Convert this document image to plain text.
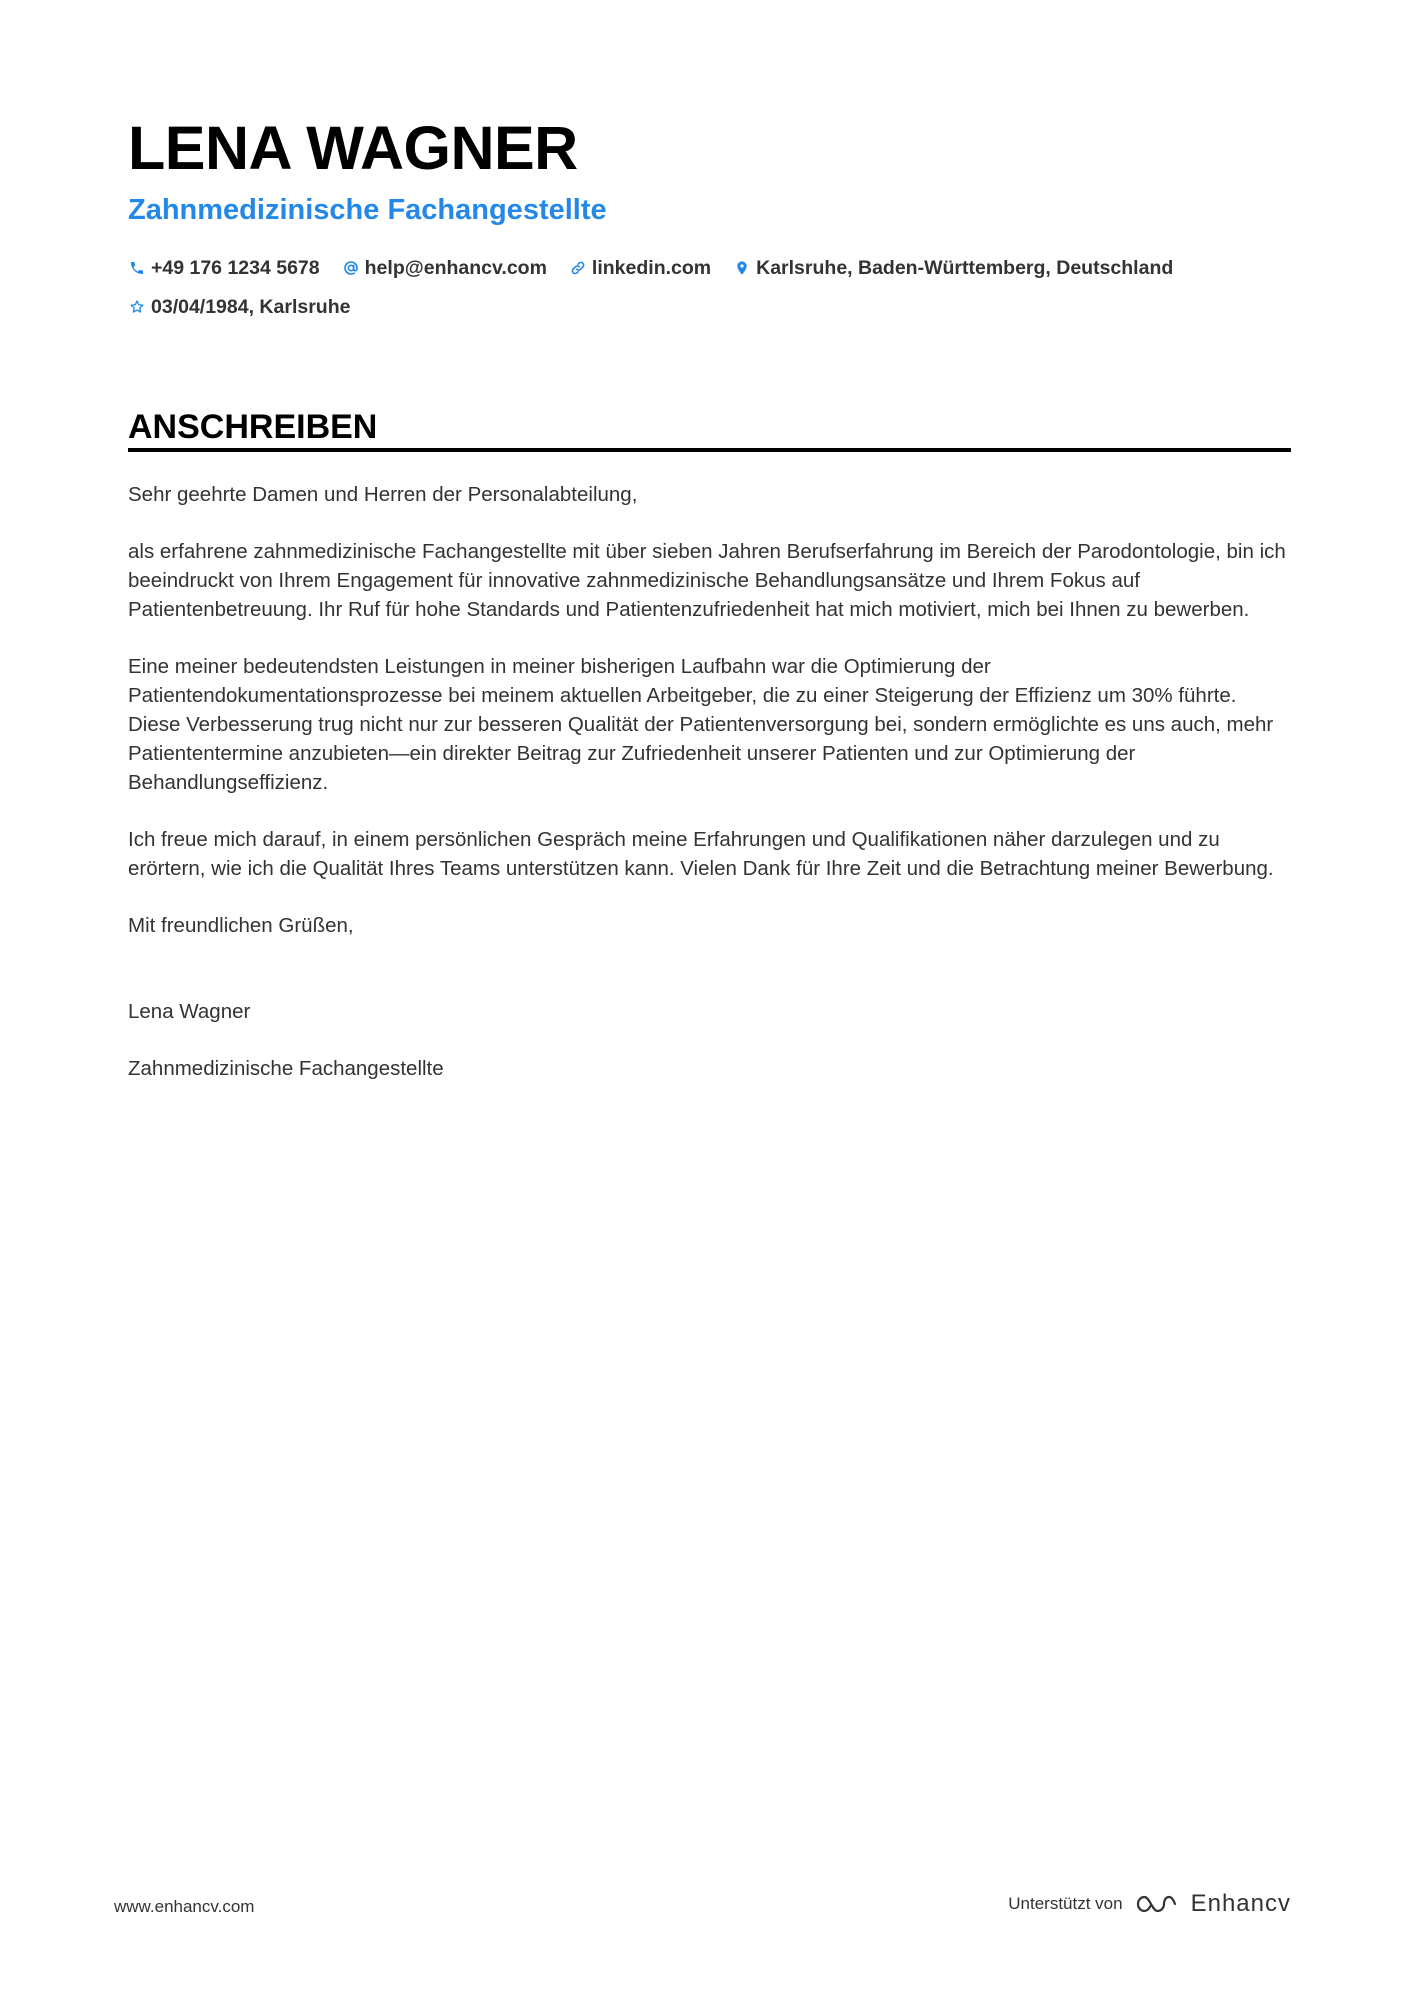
LENA WAGNER
Zahnmedizinische Fachangestellte
+49 176 1234 5678 help@enhancv.com linkedin.com Karlsruhe, Baden-Württemberg, Deutschland
03/04/1984, Karlsruhe
ANSCHREIBEN

Sehr geehrte Damen und Herren der Personalabteilung,

als erfahrene zahnmedizinische Fachangestellte mit über sieben Jahren Berufserfahrung im Bereich der Parodontologie, bin ich beeindruckt von Ihrem Engagement für innovative zahnmedizinische Behandlungsansätze und Ihrem Fokus auf Patientenbetreuung. Ihr Ruf für hohe Standards und Patientenzufriedenheit hat mich motiviert, mich bei Ihnen zu bewerben.

Eine meiner bedeutendsten Leistungen in meiner bisherigen Laufbahn war die Optimierung der Patientendokumentationsprozesse bei meinem aktuellen Arbeitgeber, die zu einer Steigerung der Effizienz um 30% führte. Diese Verbesserung trug nicht nur zur besseren Qualität der Patientenversorgung bei, sondern ermöglichte es uns auch, mehr Patiententermine anzubieten—ein direkter Beitrag zur Zufriedenheit unserer Patienten und zur Optimierung der Behandlungseffizienz.

Ich freue mich darauf, in einem persönlichen Gespräch meine Erfahrungen und Qualifikationen näher darzulegen und zu erörtern, wie ich die Qualität Ihres Teams unterstützen kann. Vielen Dank für Ihre Zeit und die Betrachtung meiner Bewerbung.

Mit freundlichen Grüßen,

Lena Wagner

Zahnmedizinische Fachangestellte

www.enhancv.com	Unterstützt von	Enhancv
